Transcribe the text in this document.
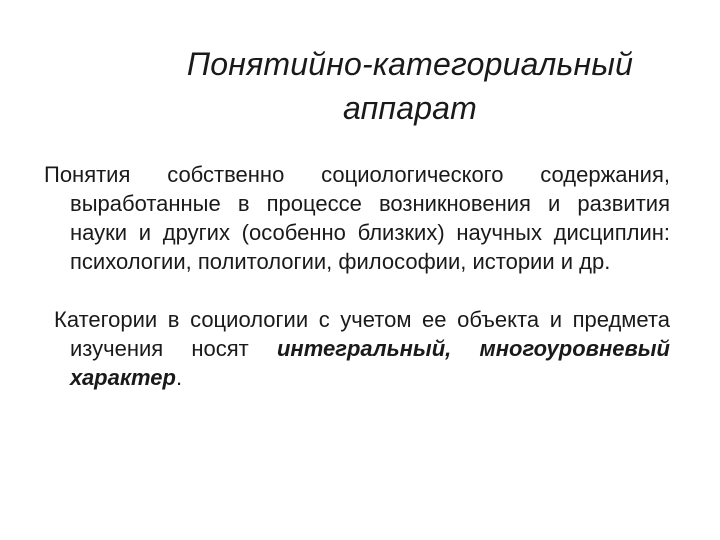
Понятийно-категориальный
аппарат

Понятия собственно социологического содержания, выработанные в процессе возникновения и развития науки и других (особенно близких) научных дисциплин: психологии, политологии, философии, истории и др.

Категории в социологии с учетом ее объекта и предмета изучения носят интегральный, многоуровневый характер.
